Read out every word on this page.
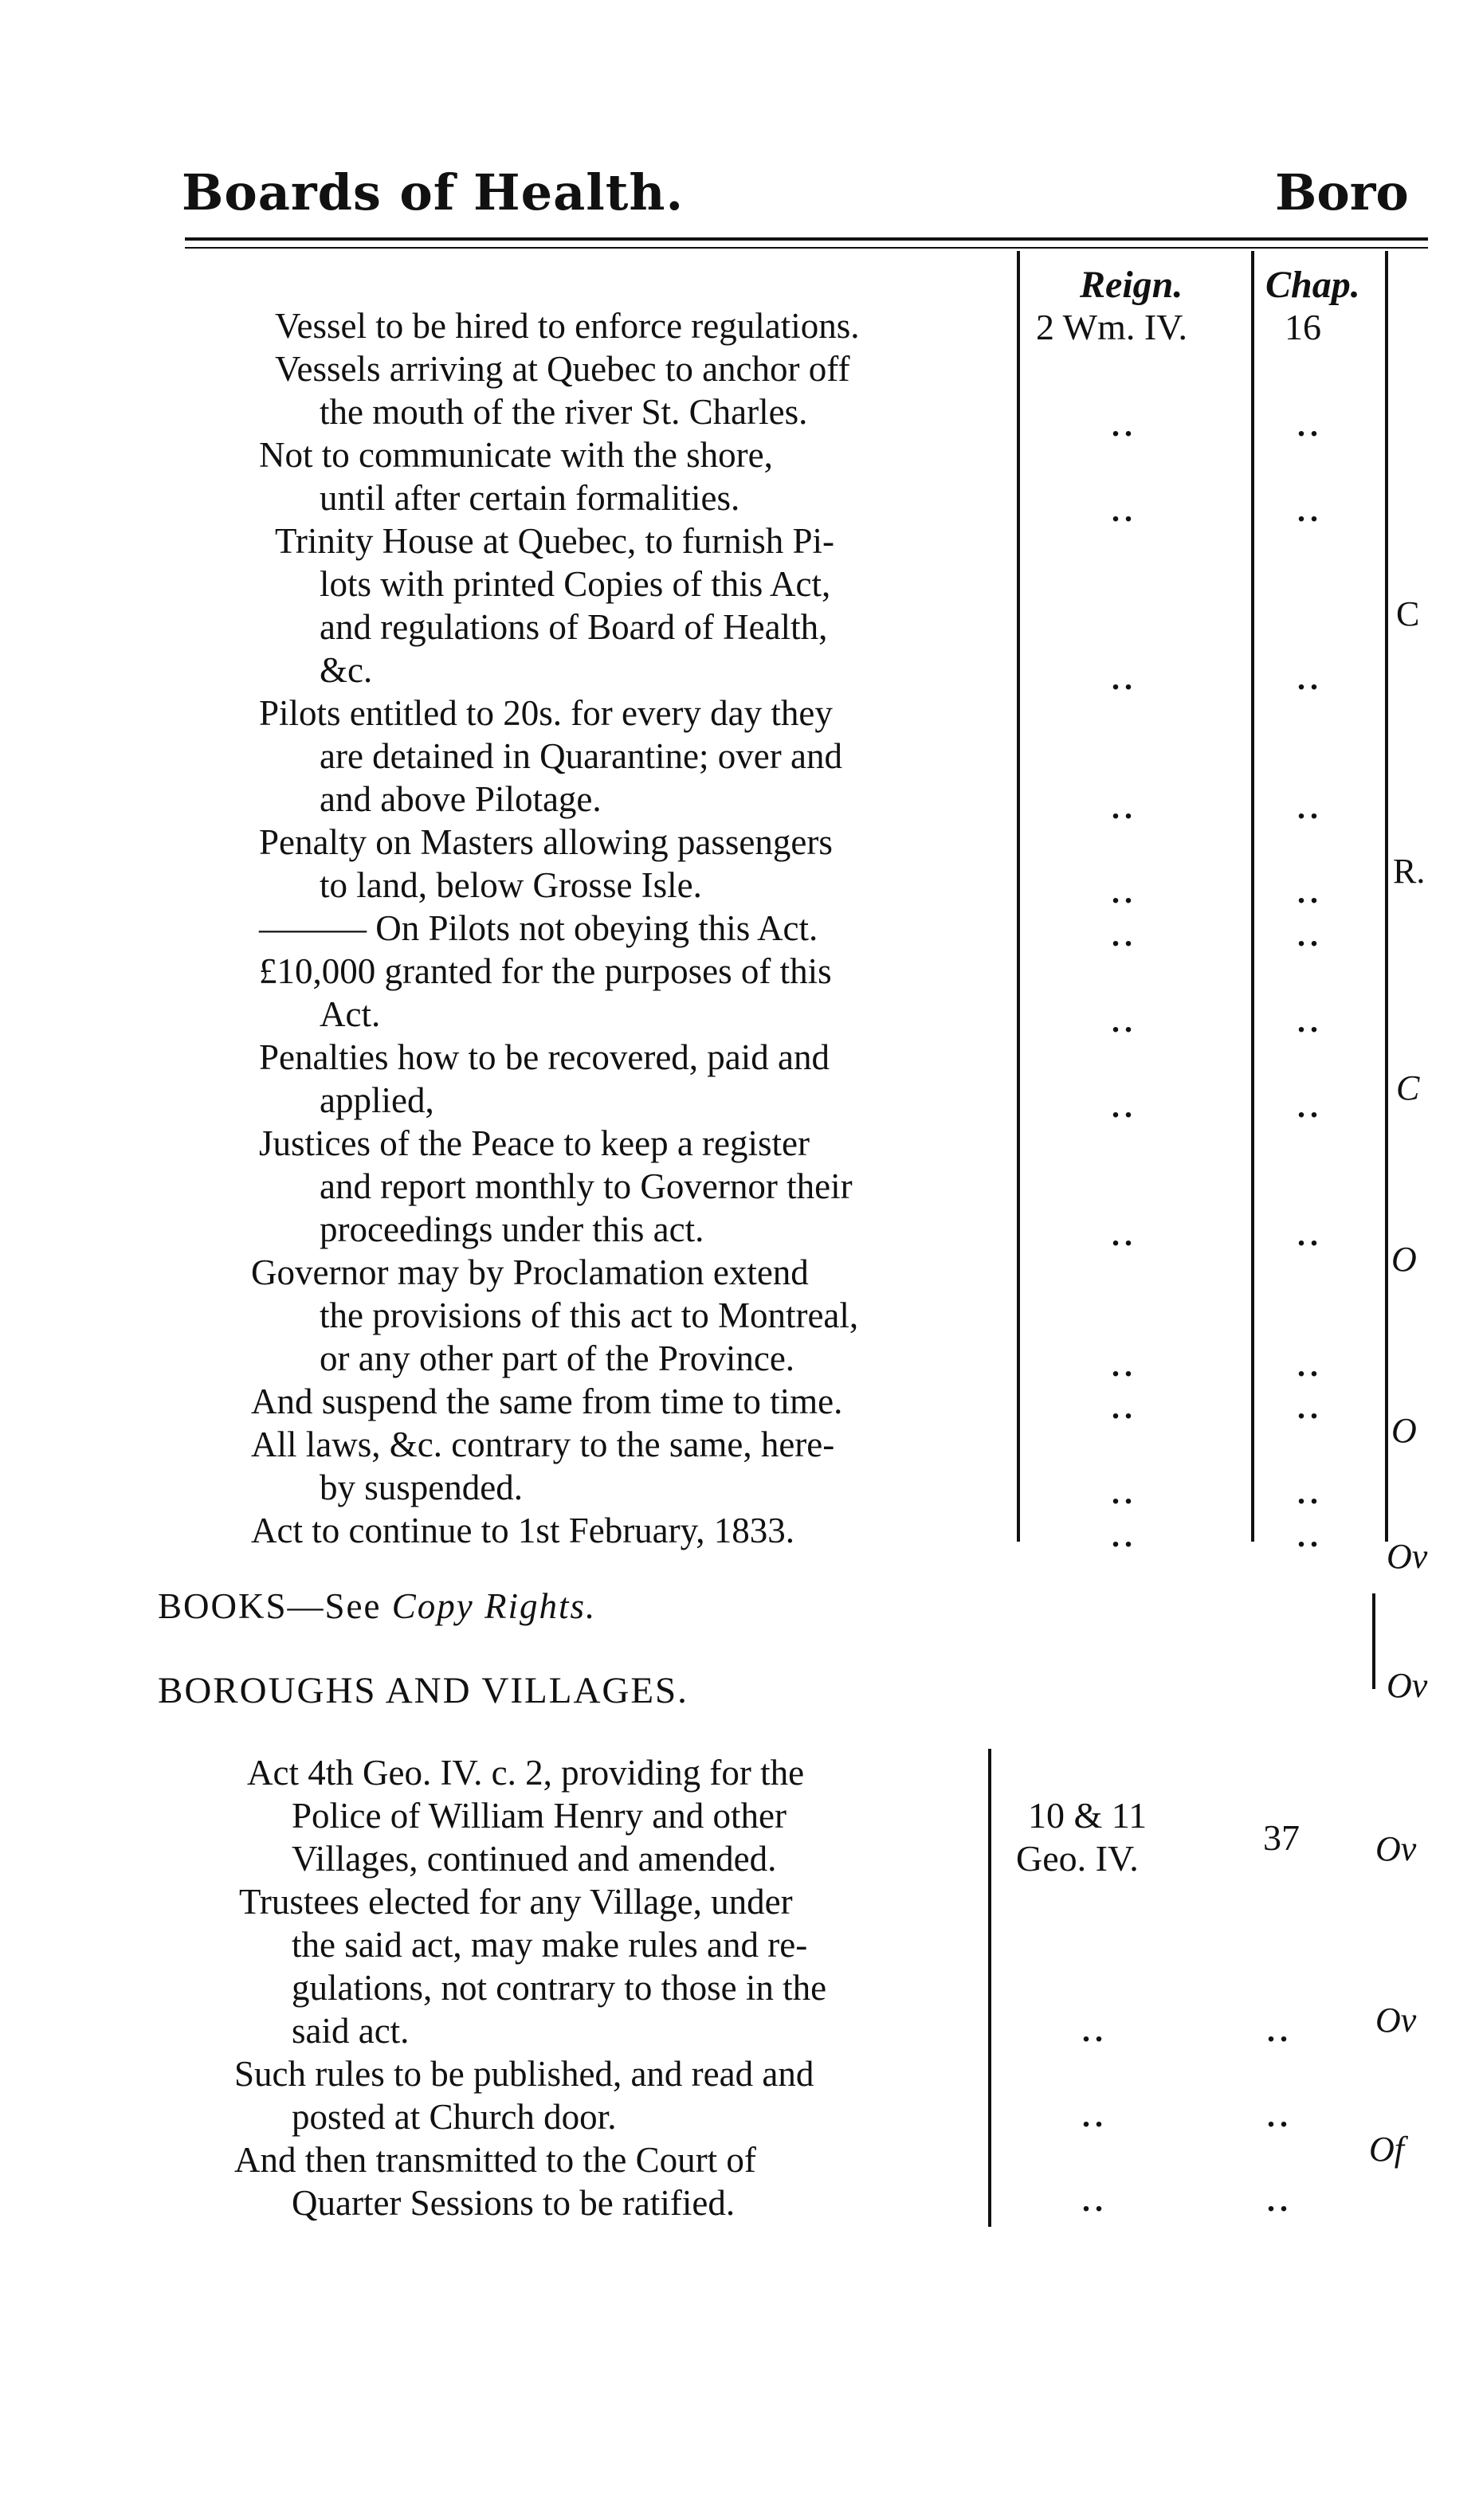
Boards of Health.	Boro
Reign. Chap.
Vessel to be hired to enforce regulations.
Vessels arriving at Quebec to anchor off
the mouth of the river St. Charles.
Not to communicate with the shore,
until after certain formalities.
Trinity House at Quebec, to furnish Pi-
lots with printed Copies of this Act,
and regulations of Board of Health,
&c.
Pilots entitled to 20s. for every day they
are detained in Quarantine; over and
and above Pilotage.
Penalty on Masters allowing passengers
to land, below Grosse Isle.
——— On Pilots not obeying this Act.
£10,000 granted for the purposes of this
Act.
Penalties how to be recovered, paid and
applied,
Justices of the Peace to keep a register
and report monthly to Governor their
proceedings under this act.
Governor may by Proclamation extend
the provisions of this act to Montreal,
or any other part of the Province.
And suspend the same from time to time.
All laws, &c. contrary to the same, here-
by suspended.
Act to continue to 1st February, 1833.
2 Wm. IV.	16
..
..
..
..
..
..
..
..
..
..
..
..
..
..
..
..
..
..
..
..
..
..
..
..
..
..
BOOKS—See Copy Rights.
BOROUGHS AND VILLAGES.
Act 4th Geo. IV. c. 2, providing for the
Police of William Henry and other
Villages, continued and amended.
Trustees elected for any Village, under
the said act, may make rules and re-
gulations, not contrary to those in the
said act.
Such rules to be published, and read and
posted at Church door.
And then transmitted to the Court of
Quarter Sessions to be ratified.
10 & 11
Geo. IV.
37
..
..
..
..
..
..
C
R.
C
O
O
Ov
Ov
Ov
Ov
Of
